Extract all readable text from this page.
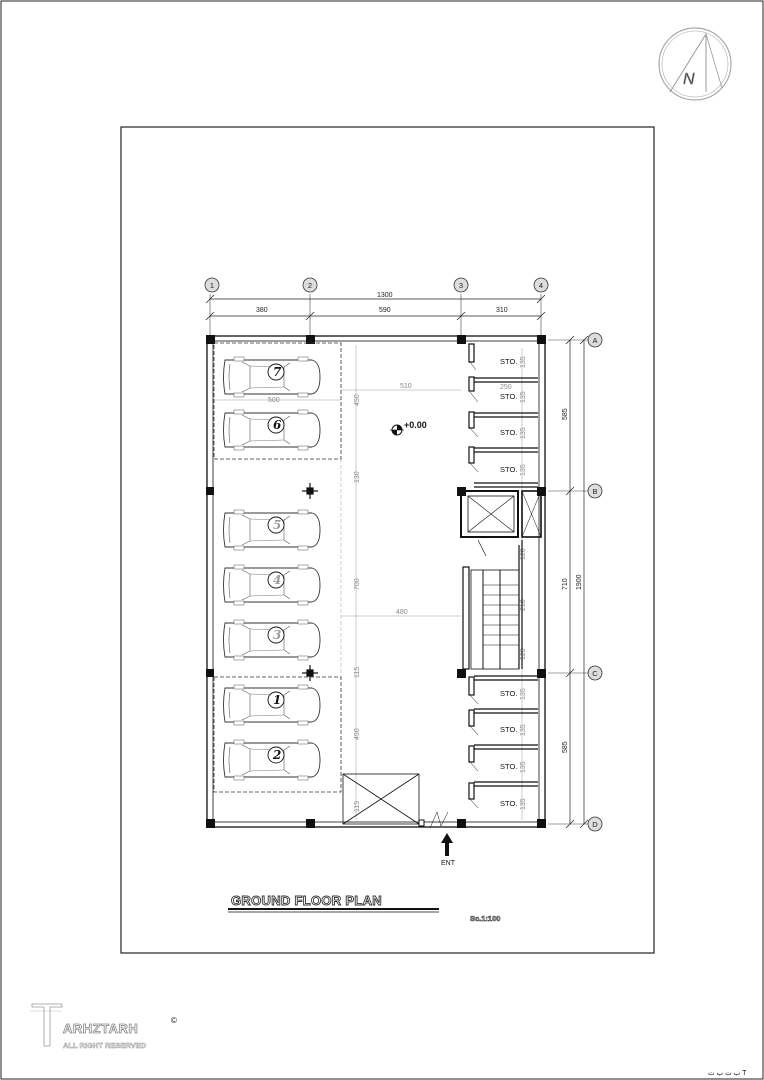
N
1	2	3	4
A
B
C
D
1300
380	590	310
585
710
585
1900
510	250
500
480
450
130
700
115
450
115
120
210
120
+0.00
STO.
STO.
STO.
STO.
135
135
135
135
STO.
STO.
STO.
STO.
135
135
135
135
ENT
7
6
5
4
3
1
2
GROUND FLOOR PLAN
Sc.1:100
ARHZTARH
©
ALL RIGHT RESERVED
ب ت ب ت T
